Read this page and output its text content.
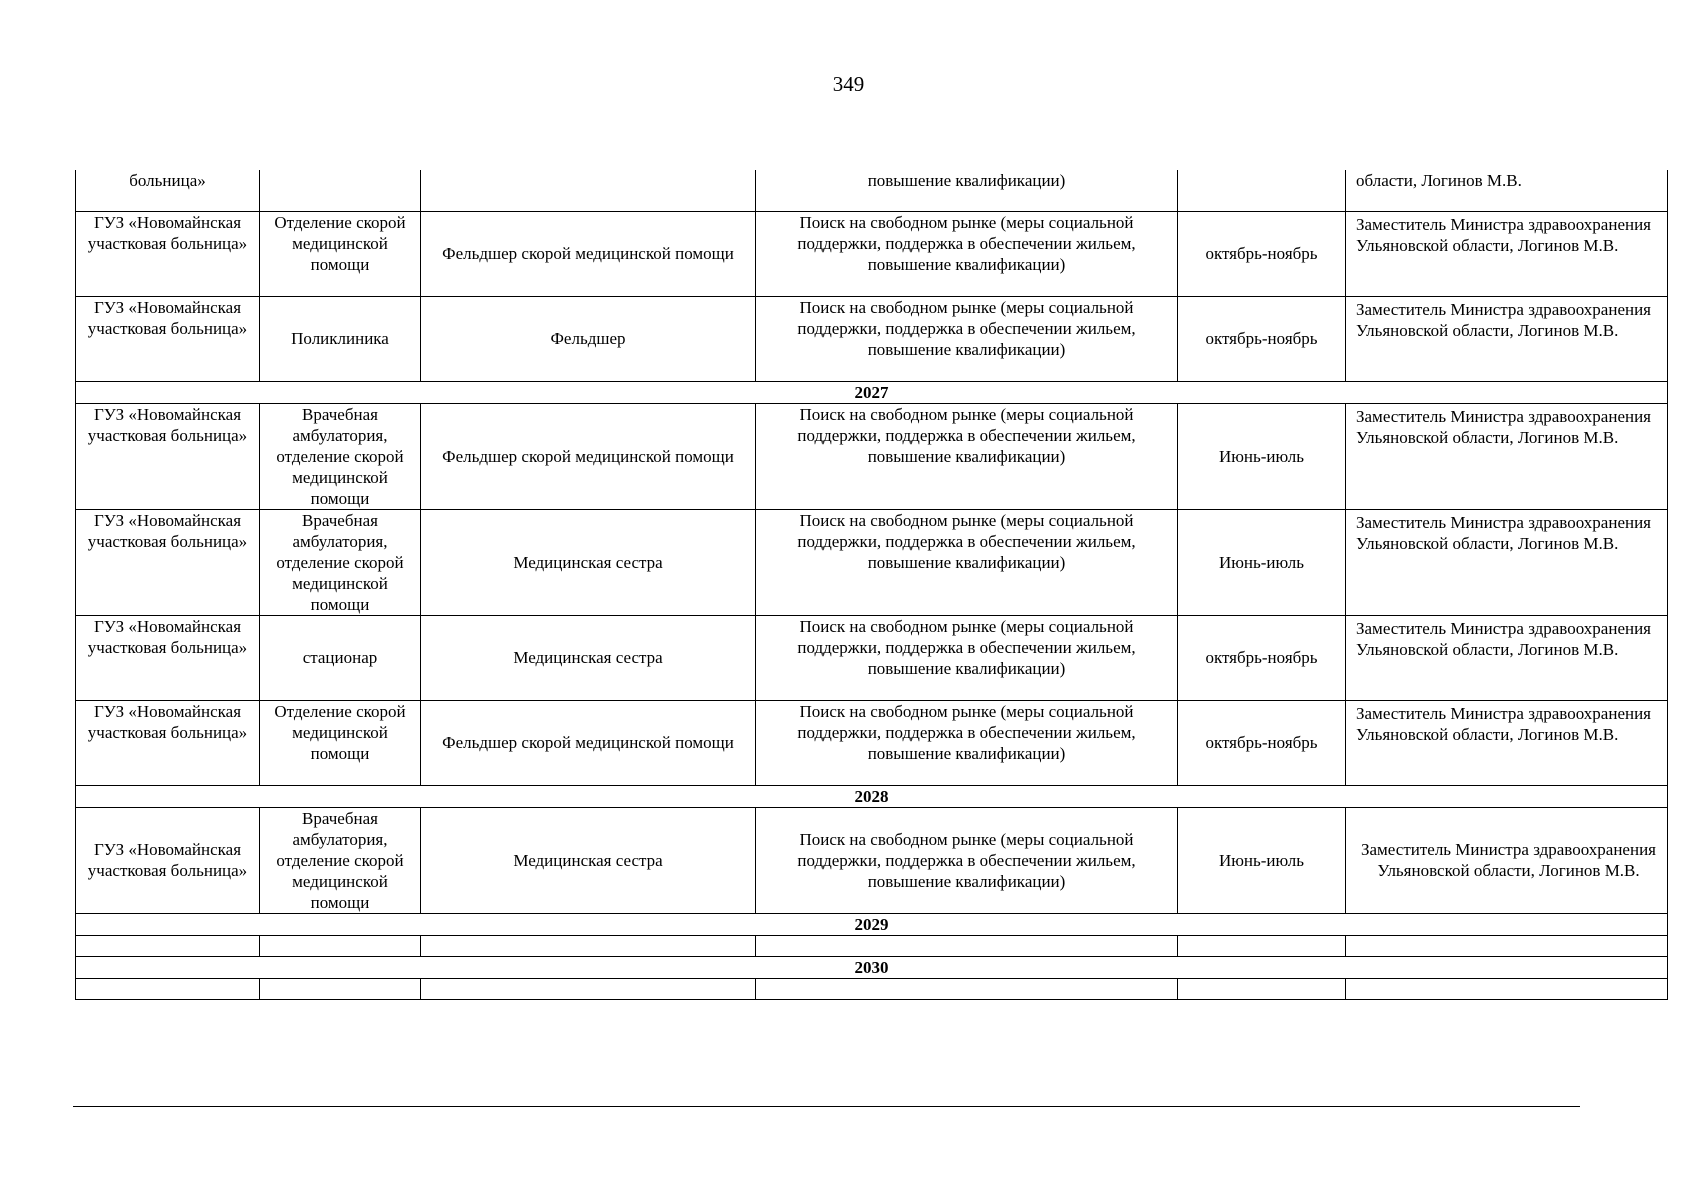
349
больница»			повышение квалификации)		области, Логинов М.В.
ГУЗ «Новомайнская участковая больница»	Отделение скорой медицинской помощи	Фельдшер скорой медицинской помощи	Поиск на свободном рынке (меры социальной поддержки, поддержка в обеспечении жильем, повышение квалификации)	октябрь-ноябрь	Заместитель Министра здравоохранения Ульяновской области, Логинов М.В.
ГУЗ «Новомайнская участковая больница»	Поликлиника	Фельдшер	Поиск на свободном рынке (меры социальной поддержки, поддержка в обеспечении жильем, повышение квалификации)	октябрь-ноябрь	Заместитель Министра здравоохранения Ульяновской области, Логинов М.В.
2027					
ГУЗ «Новомайнская участковая больница»	Врачебная амбулатория, отделение скорой медицинской помощи	Фельдшер скорой медицинской помощи	Поиск на свободном рынке (меры социальной поддержки, поддержка в обеспечении жильем, повышение квалификации)	Июнь-июль	Заместитель Министра здравоохранения Ульяновской области, Логинов М.В.
ГУЗ «Новомайнская участковая больница»	Врачебная амбулатория, отделение скорой медицинской помощи	Медицинская сестра	Поиск на свободном рынке (меры социальной поддержки, поддержка в обеспечении жильем, повышение квалификации)	Июнь-июль	Заместитель Министра здравоохранения Ульяновской области, Логинов М.В.
ГУЗ «Новомайнская участковая больница»	стационар	Медицинская сестра	Поиск на свободном рынке (меры социальной поддержки, поддержка в обеспечении жильем, повышение квалификации)	октябрь-ноябрь	Заместитель Министра здравоохранения Ульяновской области, Логинов М.В.
ГУЗ «Новомайнская участковая больница»	Отделение скорой медицинской помощи	Фельдшер скорой медицинской помощи	Поиск на свободном рынке (меры социальной поддержки, поддержка в обеспечении жильем, повышение квалификации)	октябрь-ноябрь	Заместитель Министра здравоохранения Ульяновской области, Логинов М.В.
2028					
ГУЗ «Новомайнская участковая больница»	Врачебная амбулатория, отделение скорой медицинской помощи	Медицинская сестра	Поиск на свободном рынке (меры социальной поддержки, поддержка в обеспечении жильем, повышение квалификации)	Июнь-июль	Заместитель Министра здравоохранения Ульяновской области, Логинов М.В.
2029					

2030					
